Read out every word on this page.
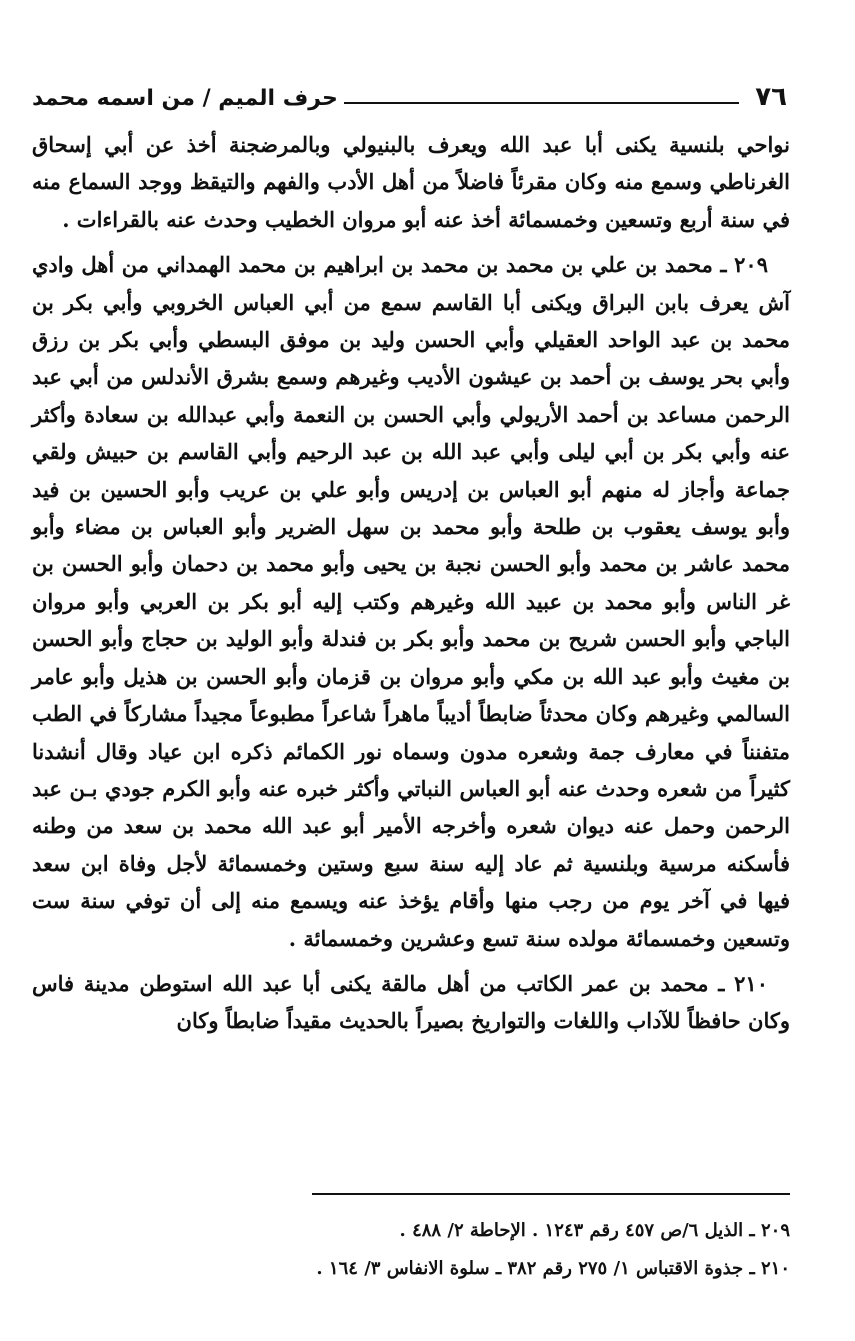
٧٦
حرف الميم / من اسمه محمد

نواحي بلنسية يكنى أبا عبد الله ويعرف بالبنيولي وبالمرضجنة أخذ عن أبي إسحاق الغرناطي وسمع منه وكان مقرئاً فاضلاً من أهل الأدب والفهم والتيقظ ووجد السماع منه في سنة أربع وتسعين وخمسمائة أخذ عنه أبو مروان الخطيب وحدث عنه بالقراءات .

٢٠٩ ـ محمد بن علي بن محمد بن محمد بن ابراهيم بن محمد الهمداني من أهل وادي آش يعرف بابن البراق ويكنى أبا القاسم سمع من أبي العباس الخروبي وأبي بكر بن محمد بن عبد الواحد العقيلي وأبي الحسن وليد بن موفق البسطي وأبي بكر بن رزق وأبي بحر يوسف بن أحمد بن عيشون الأديب وغيرهم وسمع بشرق الأندلس من أبي عبد الرحمن مساعد بن أحمد الأريولي وأبي الحسن بن النعمة وأبي عبدالله بن سعادة وأكثر عنه وأبي بكر بن أبي ليلى وأبي عبد الله بن عبد الرحيم وأبي القاسم بن حبيش ولقي جماعة وأجاز له منهم أبو العباس بن إدريس وأبو علي بن عريب وأبو الحسين بن فيد وأبو يوسف يعقوب بن طلحة وأبو محمد بن سهل الضرير وأبو العباس بن مضاء وأبو محمد عاشر بن محمد وأبو الحسن نجبة بن يحيى وأبو محمد بن دحمان وأبو الحسن بن غر الناس وأبو محمد بن عبيد الله وغيرهم وكتب إليه أبو بكر بن العربي وأبو مروان الباجي وأبو الحسن شريح بن محمد وأبو بكر بن فندلة وأبو الوليد بن حجاج وأبو الحسن بن مغيث وأبو عبد الله بن مكي وأبو مروان بن قزمان وأبو الحسن بن هذيل وأبو عامر السالمي وغيرهم وكان محدثاً ضابطاً أديباً ماهراً شاعراً مطبوعاً مجيداً مشاركاً في الطب متفنناً في معارف جمة وشعره مدون وسماه نور الكمائم ذكره ابن عياد وقال أنشدنا كثيراً من شعره وحدث عنه أبو العباس النباتي وأكثر خبره عنه وأبو الكرم جودي بـن عبد الرحمن وحمل عنه ديوان شعره وأخرجه الأمير أبو عبد الله محمد بن سعد من وطنه فأسكنه مرسية وبلنسية ثم عاد إليه سنة سبع وستين وخمسمائة لأجل وفاة ابن سعد فيها في آخر يوم من رجب منها وأقام يؤخذ عنه ويسمع منه إلى أن توفي سنة ست وتسعين وخمسمائة مولده سنة تسع وعشرين وخمسمائة .

٢١٠ ـ محمد بن عمر الكاتب من أهل مالقة يكنى أبا عبد الله استوطن مدينة فاس وكان حافظاً للآداب واللغات والتواريخ بصيراً بالحديث مقيداً ضابطاً وكان

٢٠٩ ـ الذيل ٦/ص ٤٥٧ رقم ١٢٤٣ . الإحاطة ٢/ ٤٨٨ .
٢١٠ ـ جذوة الاقتباس ١/ ٢٧٥ رقم ٣٨٢ ـ سلوة الانفاس ٣/ ١٦٤ .
